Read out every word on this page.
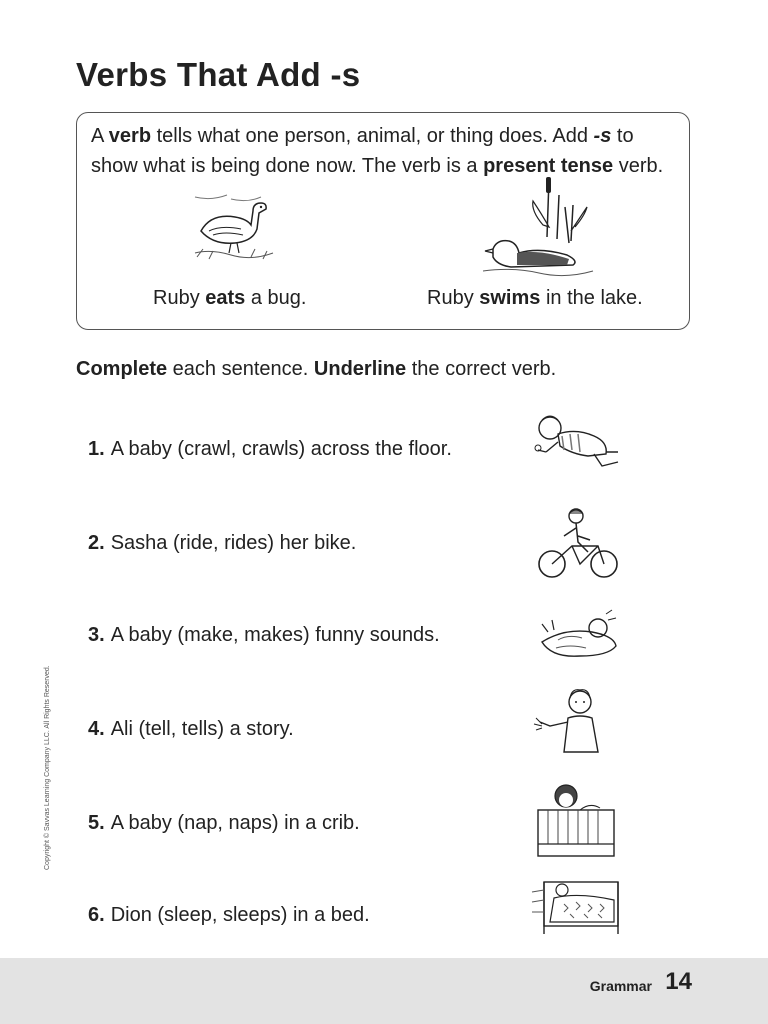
Verbs That Add -s
A verb tells what one person, animal, or thing does. Add -s to show what is being done now. The verb is a present tense verb.
Ruby eats a bug.	Ruby swims in the lake.
Complete each sentence. Underline the correct verb.
1. A baby (crawl, crawls) across the floor.
2. Sasha (ride, rides) her bike.
3. A baby (make, makes) funny sounds.
4. Ali (tell, tells) a story.
5. A baby (nap, naps) in a crib.
6. Dion (sleep, sleeps) in a bed.
Copyright © Savvas Learning Company LLC. All Rights Reserved.
Grammar 14
